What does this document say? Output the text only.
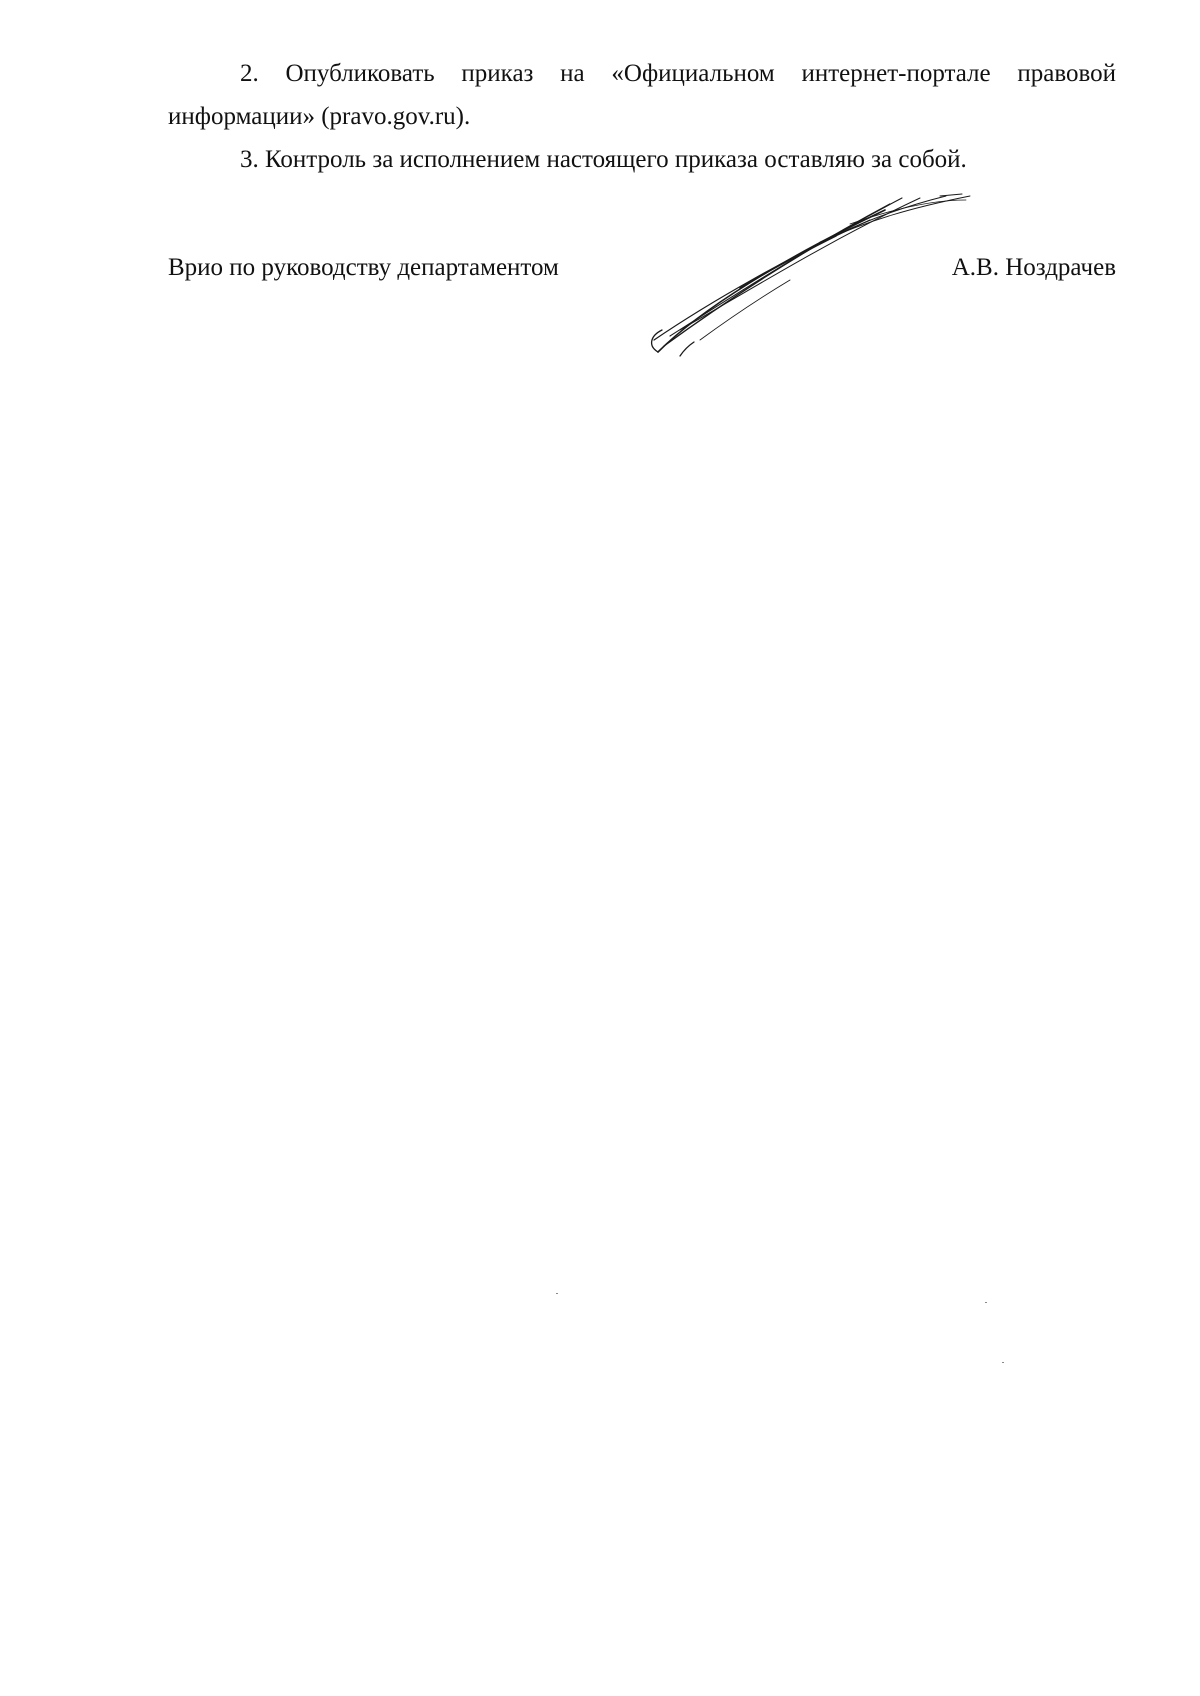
2. Опубликовать приказ на «Официальном интернет-портале правовой информации» (pravo.gov.ru).

3. Контроль за исполнением настоящего приказа оставляю за собой.

Врио по руководству департаментом	А.В. Ноздрачев
